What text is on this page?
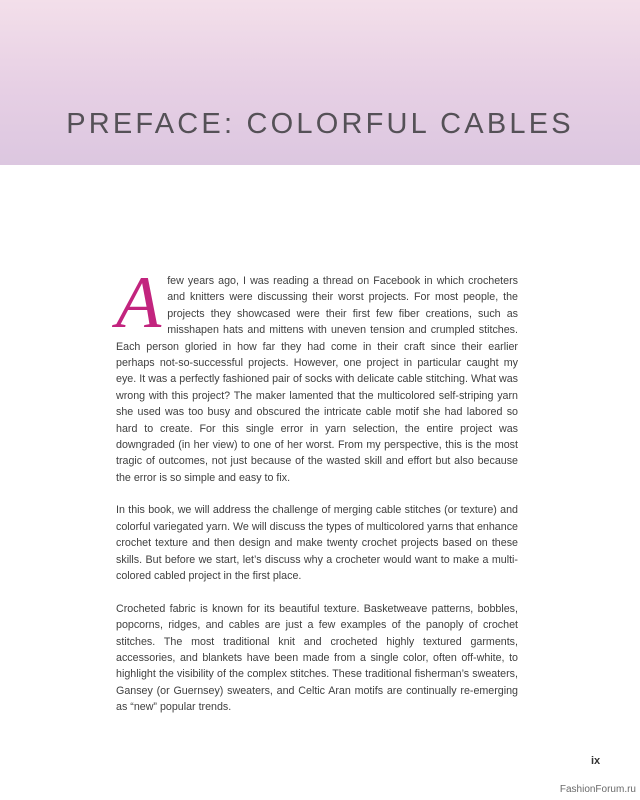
PREFACE: COLORFUL CABLES

Afew years ago, I was reading a thread on Facebook in which crocheters and knitters were discussing their worst projects. For most people, the projects they showcased were their first few fiber creations, such as misshapen hats and mittens with uneven tension and crumpled stitches. Each person gloried in how far they had come in their craft since their earlier perhaps not-so-successful projects. However, one project in particular caught my eye. It was a perfectly fashioned pair of socks with delicate cable stitching. What was wrong with this project? The maker lamented that the multicolored self-striping yarn she used was too busy and obscured the intricate cable motif she had labored so hard to create. For this single error in yarn selection, the entire project was downgraded (in her view) to one of her worst. From my perspective, this is the most tragic of outcomes, not just because of the wasted skill and effort but also because the error is so simple and easy to fix.

In this book, we will address the challenge of merging cable stitches (or texture) and colorful variegated yarn. We will discuss the types of multicolored yarns that enhance crochet texture and then design and make twenty crochet projects based on these skills. But before we start, let’s discuss why a crocheter would want to make a multi-colored cabled project in the first place.

Crocheted fabric is known for its beautiful texture. Basketweave patterns, bobbles, popcorns, ridges, and cables are just a few examples of the panoply of crochet stitches. The most traditional knit and crocheted highly textured garments, accessories, and blankets have been made from a single color, often off-white, to highlight the visibility of the complex stitches. These traditional fisherman’s sweaters, Gansey (or Guernsey) sweaters, and Celtic Aran motifs are continually re-emerging as “new” popular trends.

ix
FashionForum.ru
